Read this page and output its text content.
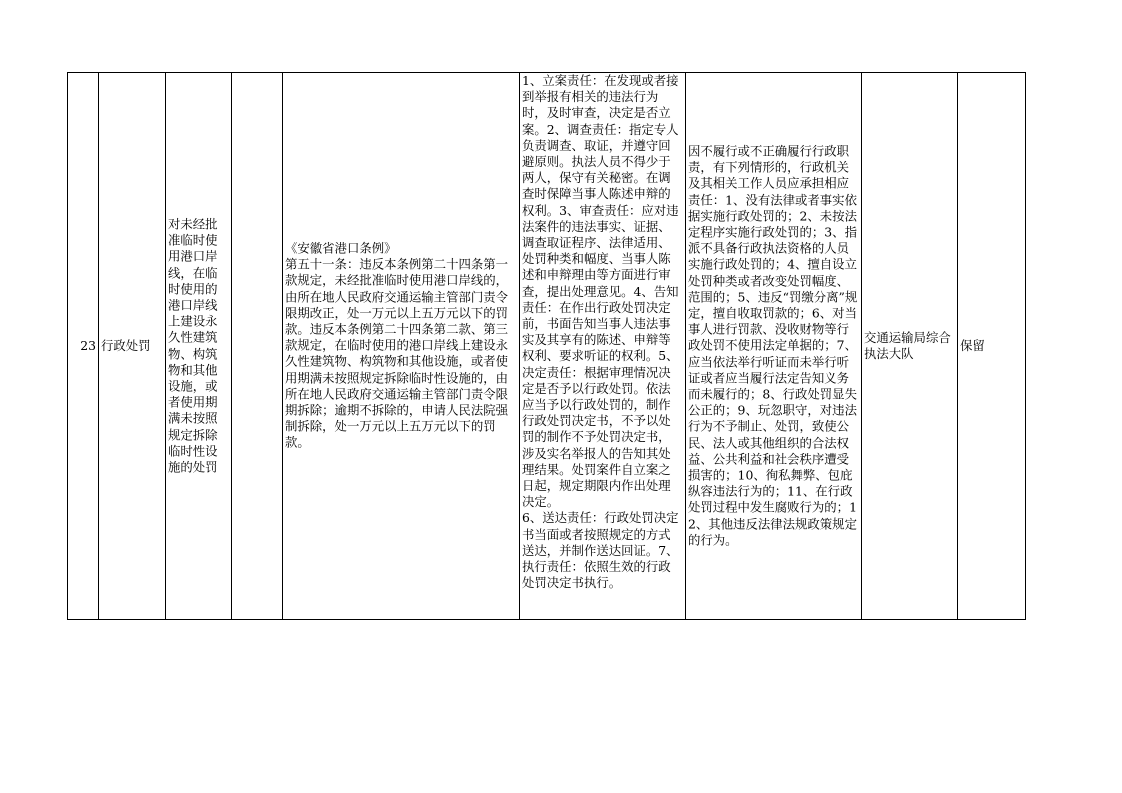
23 行政处罚
对未经批准临时使用港口岸线，在临时使用的港口岸线上建设永久性建筑物、构筑物和其他设施，或者使用期满未按照规定拆除临时性设施的处罚
《安徽省港口条例》
第五十一条：违反本条例第二十四条第一款规定，未经批准临时使用港口岸线的，由所在地人民政府交通运输主管部门责令限期改正，处一万元以上五万元以下的罚款。违反本条例第二十四条第二款、第三款规定，在临时使用的港口岸线上建设永久性建筑物、构筑物和其他设施，或者使用期满未按照规定拆除临时性设施的，由所在地人民政府交通运输主管部门责令限期拆除；逾期不拆除的，申请人民法院强制拆除，处一万元以上五万元以下的罚款。
1、立案责任：在发现或者接到举报有相关的违法行为时，及时审查，决定是否立案。2、调查责任：指定专人负责调查、取证，并遵守回避原则。执法人员不得少于两人，保守有关秘密。在调查时保障当事人陈述申辩的权利。3、审查责任：应对违法案件的违法事实、证据、调查取证程序、法律适用、处罚种类和幅度、当事人陈述和申辩理由等方面进行审查，提出处理意见。4、告知责任：在作出行政处罚决定前，书面告知当事人违法事实及其享有的陈述、申辩等权利、要求听证的权利。5、决定责任：根据审理情况决定是否予以行政处罚。依法应当予以行政处罚的，制作行政处罚决定书，不予以处罚的制作不予处罚决定书，涉及实名举报人的告知其处理结果。处罚案件自立案之日起，规定期限内作出处理决定。
6、送达责任：行政处罚决定书当面或者按照规定的方式送达，并制作送达回证。7、执行责任：依照生效的行政处罚决定书执行。
因不履行或不正确履行行政职责，有下列情形的，行政机关及其相关工作人员应承担相应责任：1、没有法律或者事实依据实施行政处罚的；2、未按法定程序实施行政处罚的；3、指派不具备行政执法资格的人员实施行政处罚的；4、擅自设立处罚种类或者改变处罚幅度、范围的；5、违反“罚缴分离”规定，擅自收取罚款的；6、对当事人进行罚款、没收财物等行政处罚不使用法定单据的；7、应当依法举行听证而未举行听证或者应当履行法定告知义务而未履行的；8、行政处罚显失公正的；9、玩忽职守，对违法行为不予制止、处罚，致使公民、法人或其他组织的合法权益、公共利益和社会秩序遭受损害的；10、徇私舞弊、包庇纵容违法行为的；11、在行政处罚过程中发生腐败行为的；12、其他违反法律法规政策规定的行为。
交通运输局综合执法大队
保留
